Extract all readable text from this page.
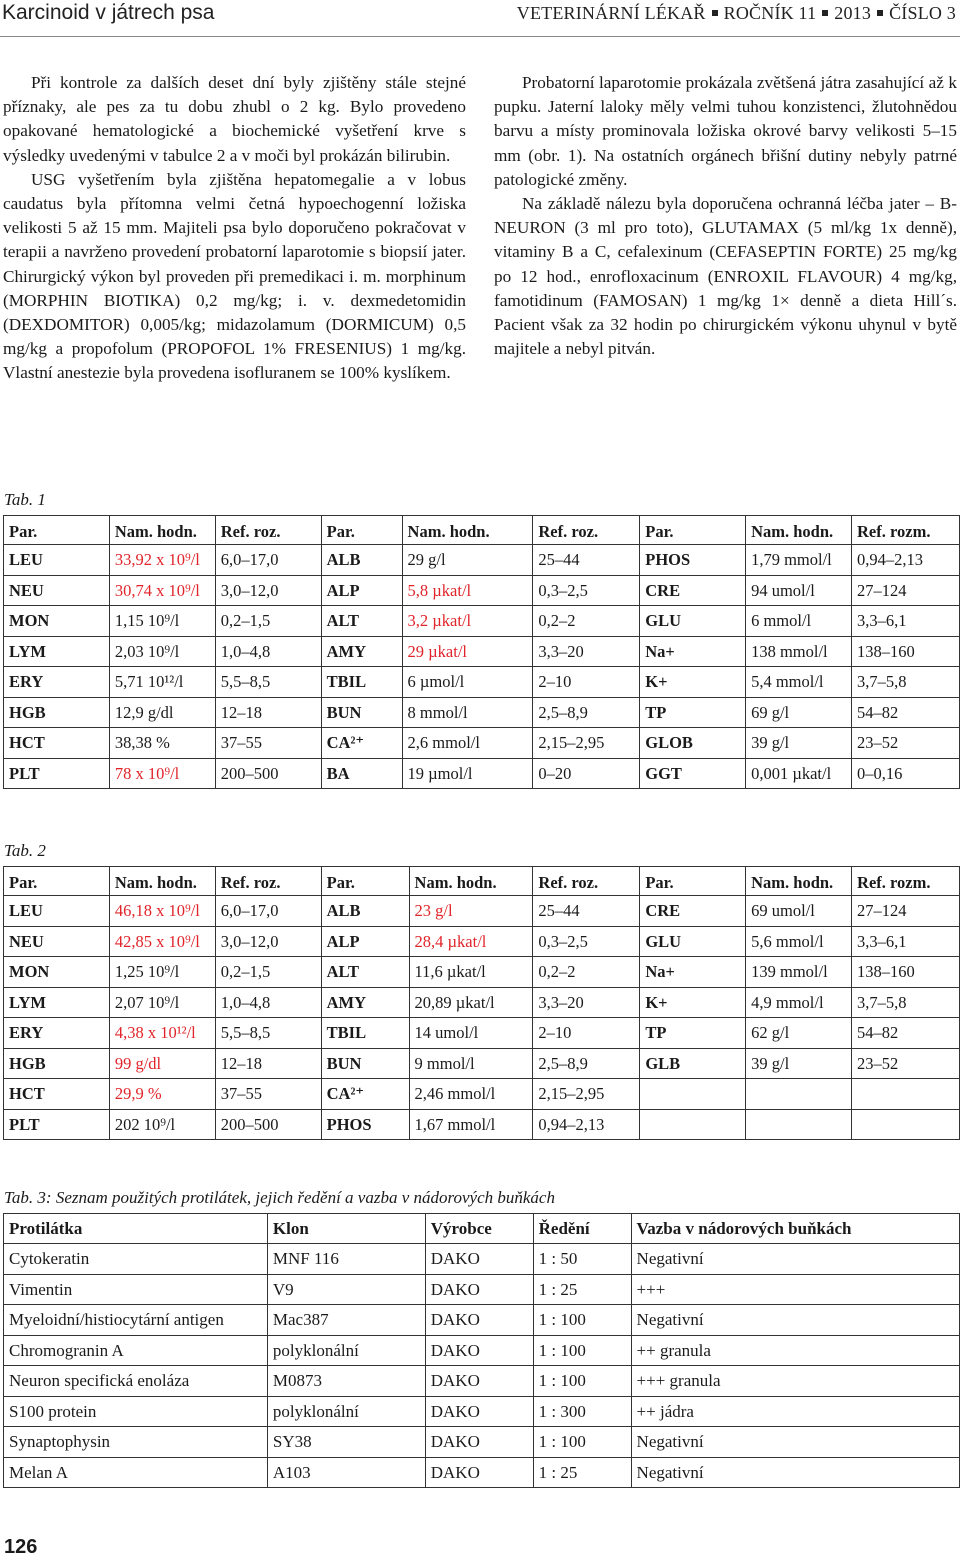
Karcinoid v játrech psa	VETERINÁRNÍ LÉKAŘ ROČNÍK 11 2013 ČÍSLO 3

Při kontrole za dalších deset dní byly zjištěny stále stejné příznaky, ale pes za tu dobu zhubl o 2 kg. Bylo provedeno opakované hematologické a biochemické vyšetření krve s výsledky uvedenými v tabulce 2 a v moči byl prokázán bilirubin.

USG vyšetřením byla zjištěna hepatomegalie a v lobus caudatus byla přítomna velmi četná hypoechogenní ložiska velikosti 5 až 15 mm. Majiteli psa bylo doporučeno pokračovat v terapii a navrženo provedení probatorní laparotomie s biopsií jater. Chirurgický výkon byl proveden při premedikaci i. m. morphinum (MORPHIN BIOTIKA) 0,2 mg/kg; i. v. dexmedetomidin (DEXDOMITOR) 0,005/kg; midazolamum (DORMICUM) 0,5 mg/kg a propofolum (PROPOFOL 1% FRESENIUS) 1 mg/kg. Vlastní anestezie byla provedena isofluranem se 100% kyslíkem.

Probatorní laparotomie prokázala zvětšená játra zasahující až k pupku. Jaterní laloky měly velmi tuhou konzistenci, žlutohnědou barvu a místy prominovala ložiska okrové barvy velikosti 5–15 mm (obr. 1). Na ostatních orgánech břišní dutiny nebyly patrné patologické změny.

Na základě nálezu byla doporučena ochranná léčba jater – B-NEURON (3 ml pro toto), GLUTAMAX (5 ml/kg 1x denně), vitaminy B a C, cefalexinum (CEFASEPTIN FORTE) 25 mg/kg po 12 hod., enrofloxacinum (ENROXIL FLAVOUR) 4 mg/kg, famotidinum (FAMOSAN) 1 mg/kg 1× denně a dieta Hill´s. Pacient však za 32 hodin po chirurgickém výkonu uhynul v bytě majitele a nebyl pitván.

Tab. 1
Par.	Nam. hodn.	Ref. roz.	Par.	Nam. hodn.	Ref. roz.	Par.	Nam. hodn.	Ref. rozm.
LEU	33,92 x 10⁹/l	6,0–17,0	ALB	29 g/l	25–44	PHOS	1,79 mmol/l	0,94–2,13
NEU	30,74 x 10⁹/l	3,0–12,0	ALP	5,8 µkat/l	0,3–2,5	CRE	94 umol/l	27–124
MON	1,15 10⁹/l	0,2–1,5	ALT	3,2 µkat/l	0,2–2	GLU	6 mmol/l	3,3–6,1
LYM	2,03 10⁹/l	1,0–4,8	AMY	29 µkat/l	3,3–20	Na+	138 mmol/l	138–160
ERY	5,71 10¹²/l	5,5–8,5	TBIL	6 µmol/l	2–10	K+	5,4 mmol/l	3,7–5,8
HGB	12,9 g/dl	12–18	BUN	8 mmol/l	2,5–8,9	TP	69 g/l	54–82
HCT	38,38 %	37–55	CA²⁺	2,6 mmol/l	2,15–2,95	GLOB	39 g/l	23–52
PLT	78 x 10⁹/l	200–500	BA	19 µmol/l	0–20	GGT	0,001 µkat/l	0–0,16
Tab. 2
Par.	Nam. hodn.	Ref. roz.	Par.	Nam. hodn.	Ref. roz.	Par.	Nam. hodn.	Ref. rozm.
LEU	46,18 x 10⁹/l	6,0–17,0	ALB	23 g/l	25–44	CRE	69 umol/l	27–124
NEU	42,85 x 10⁹/l	3,0–12,0	ALP	28,4 µkat/l	0,3–2,5	GLU	5,6 mmol/l	3,3–6,1
MON	1,25 10⁹/l	0,2–1,5	ALT	11,6 µkat/l	0,2–2	Na+	139 mmol/l	138–160
LYM	2,07 10⁹/l	1,0–4,8	AMY	20,89 µkat/l	3,3–20	K+	4,9 mmol/l	3,7–5,8
ERY	4,38 x 10¹²/l	5,5–8,5	TBIL	14 umol/l	2–10	TP	62 g/l	54–82
HGB	99 g/dl	12–18	BUN	9 mmol/l	2,5–8,9	GLB	39 g/l	23–52
HCT	29,9 %	37–55	CA²⁺	2,46 mmol/l	2,15–2,95			
PLT	202 10⁹/l	200–500	PHOS	1,67 mmol/l	0,94–2,13			
Tab. 3: Seznam použitých protilátek, jejich ředění a vazba v nádorových buňkách
Protilátka	Klon	Výrobce	Ředění	Vazba v nádorových buňkách
Cytokeratin	MNF 116	DAKO	1 : 50	Negativní
Vimentin	V9	DAKO	1 : 25	+++
Myeloidní/histiocytární antigen	Mac387	DAKO	1 : 100	Negativní
Chromogranin A	polyklonální	DAKO	1 : 100	++ granula
Neuron specifická enoláza	M0873	DAKO	1 : 100	+++ granula
S100 protein	polyklonální	DAKO	1 : 300	++ jádra
Synaptophysin	SY38	DAKO	1 : 100	Negativní
Melan A	A103	DAKO	1 : 25	Negativní
126
